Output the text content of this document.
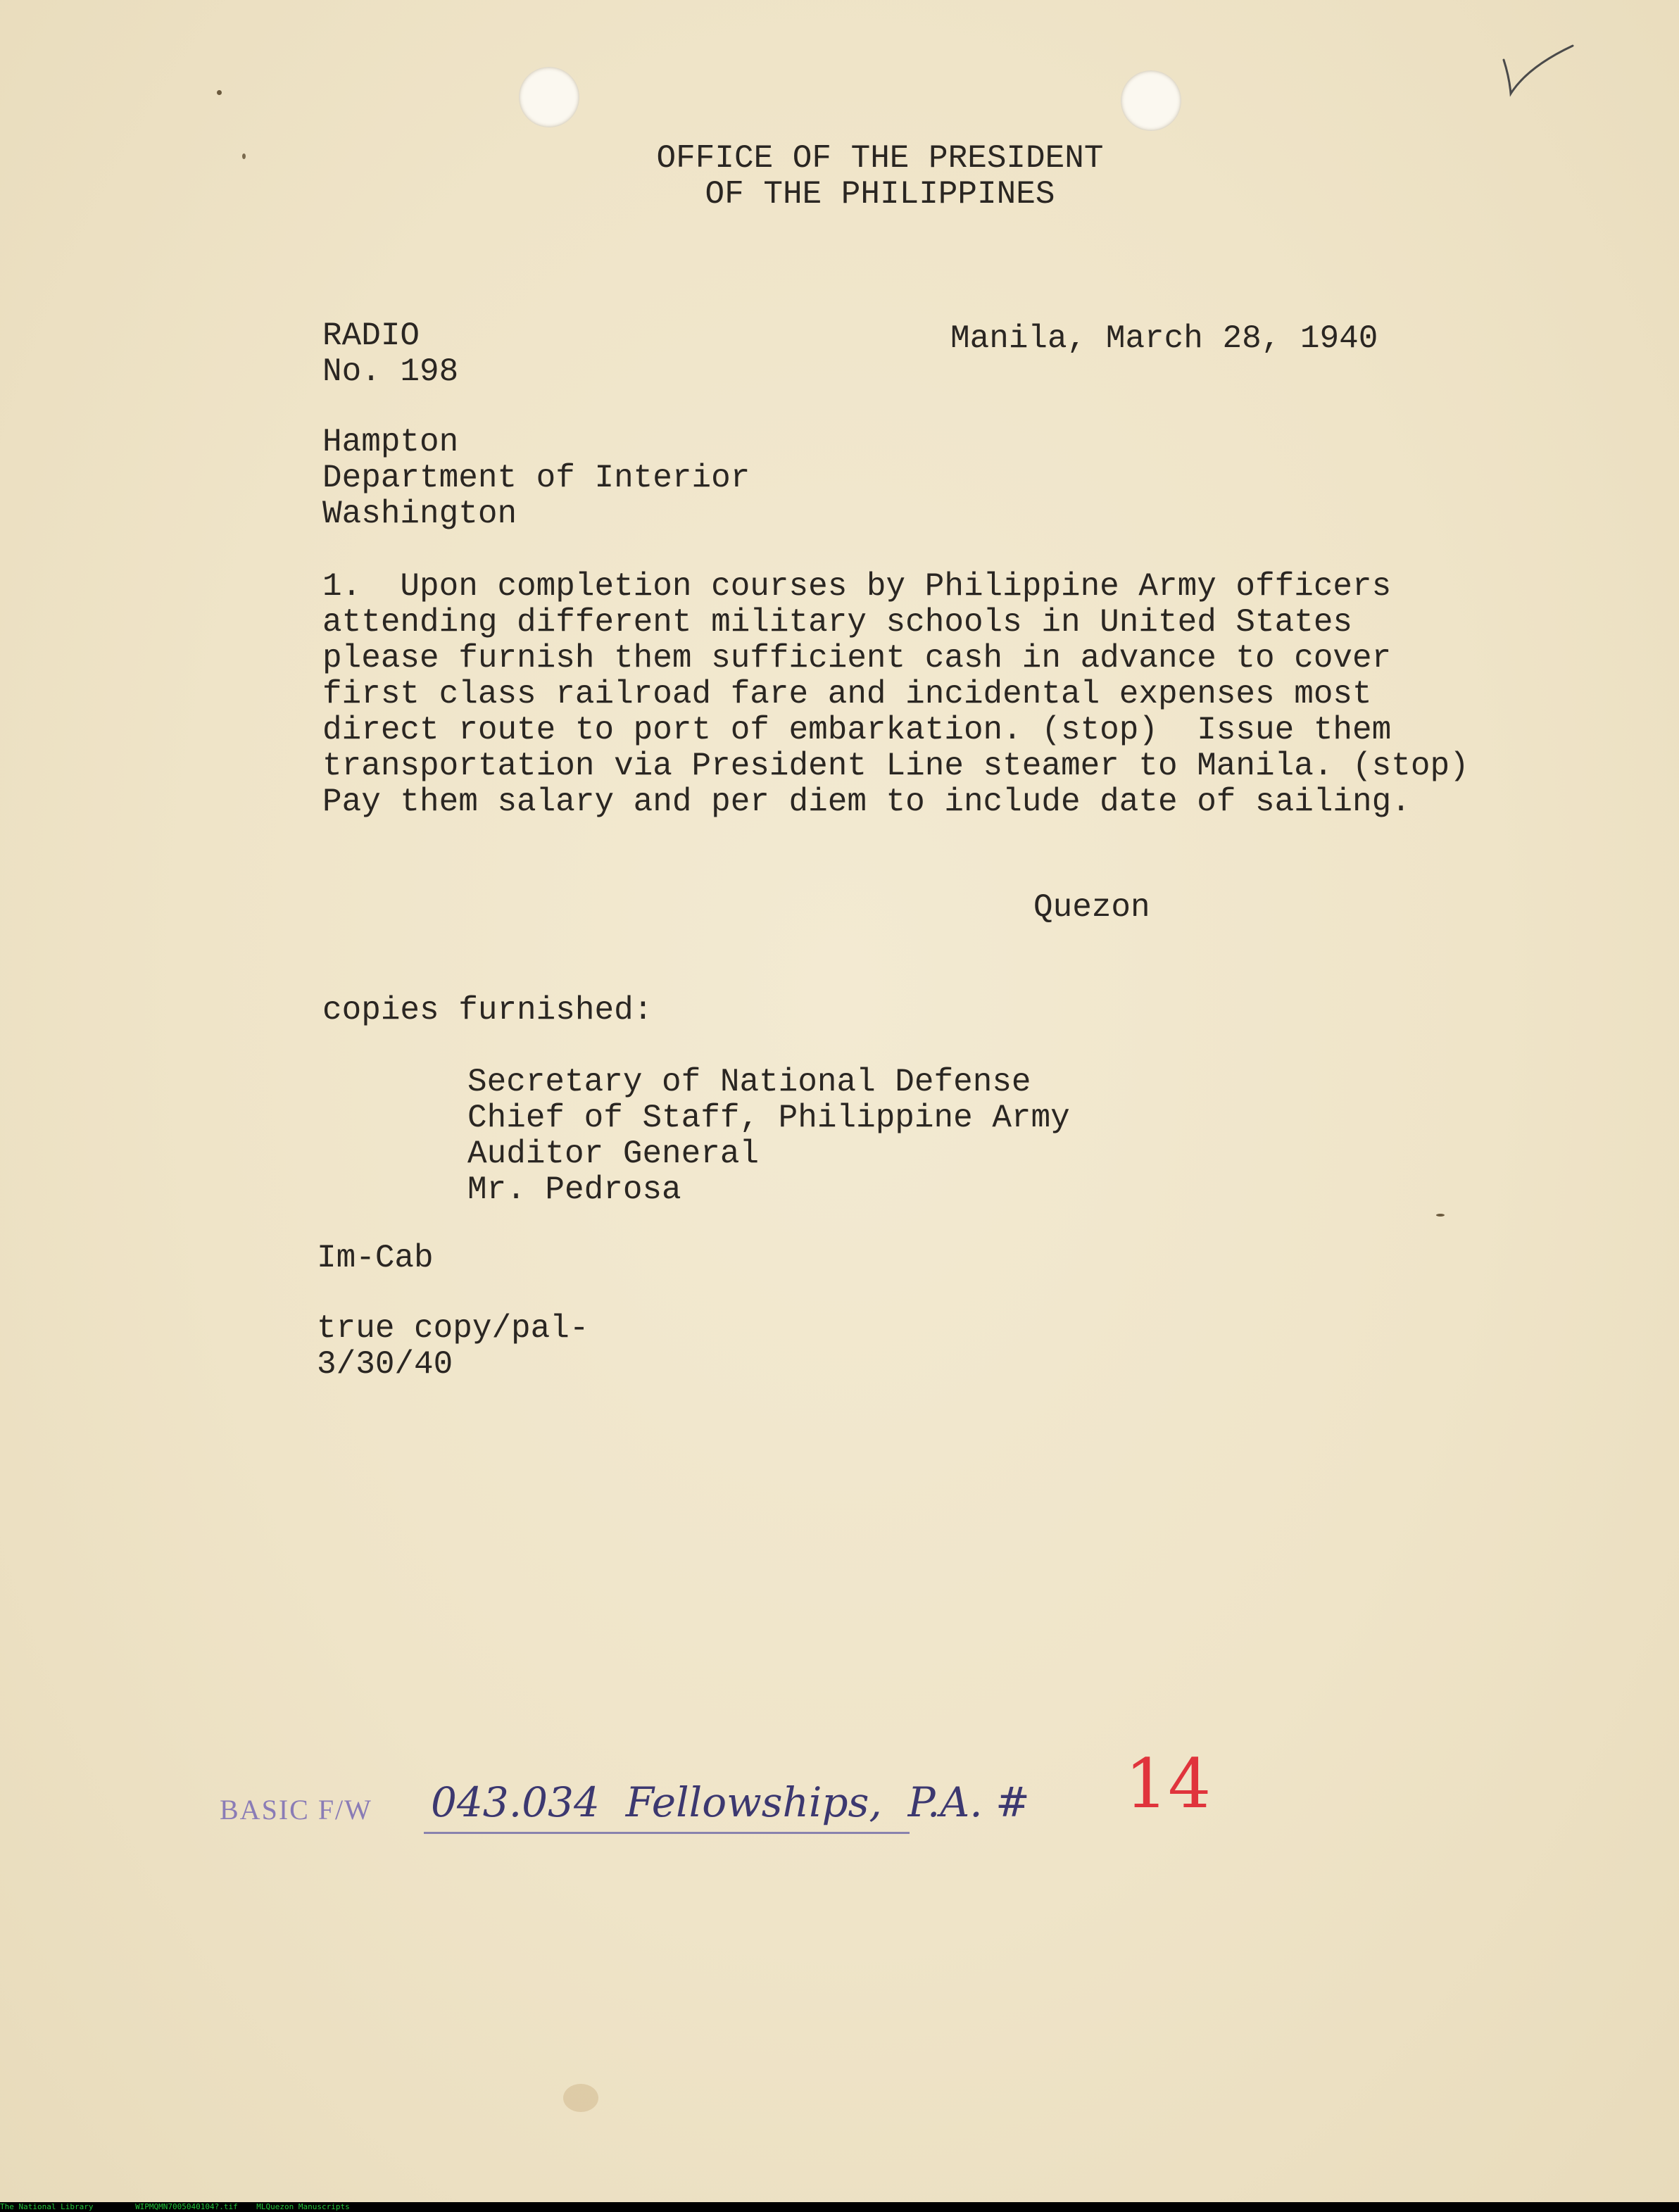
OFFICE OF THE PRESIDENT
OF THE PHILIPPINES
RADIO
No. 198
Manila, March 28, 1940
Hampton
Department of Interior
Washington
1.  Upon completion courses by Philippine Army officers
attending different military schools in United States
please furnish them sufficient cash in advance to cover
first class railroad fare and incidental expenses most
direct route to port of embarkation. (stop)  Issue them
transportation via President Line steamer to Manila. (stop)
Pay them salary and per diem to include date of sailing.
Quezon
copies furnished:
Secretary of National Defense
Chief of Staff, Philippine Army
Auditor General
Mr. Pedrosa
Im-Cab
true copy/pal-
3/30/40
BASIC F/W 043.034  Fellowships,  P.A. # 14
The National Library	WIPMQMN7005040104?.tif MLQuezon Manuscripts
